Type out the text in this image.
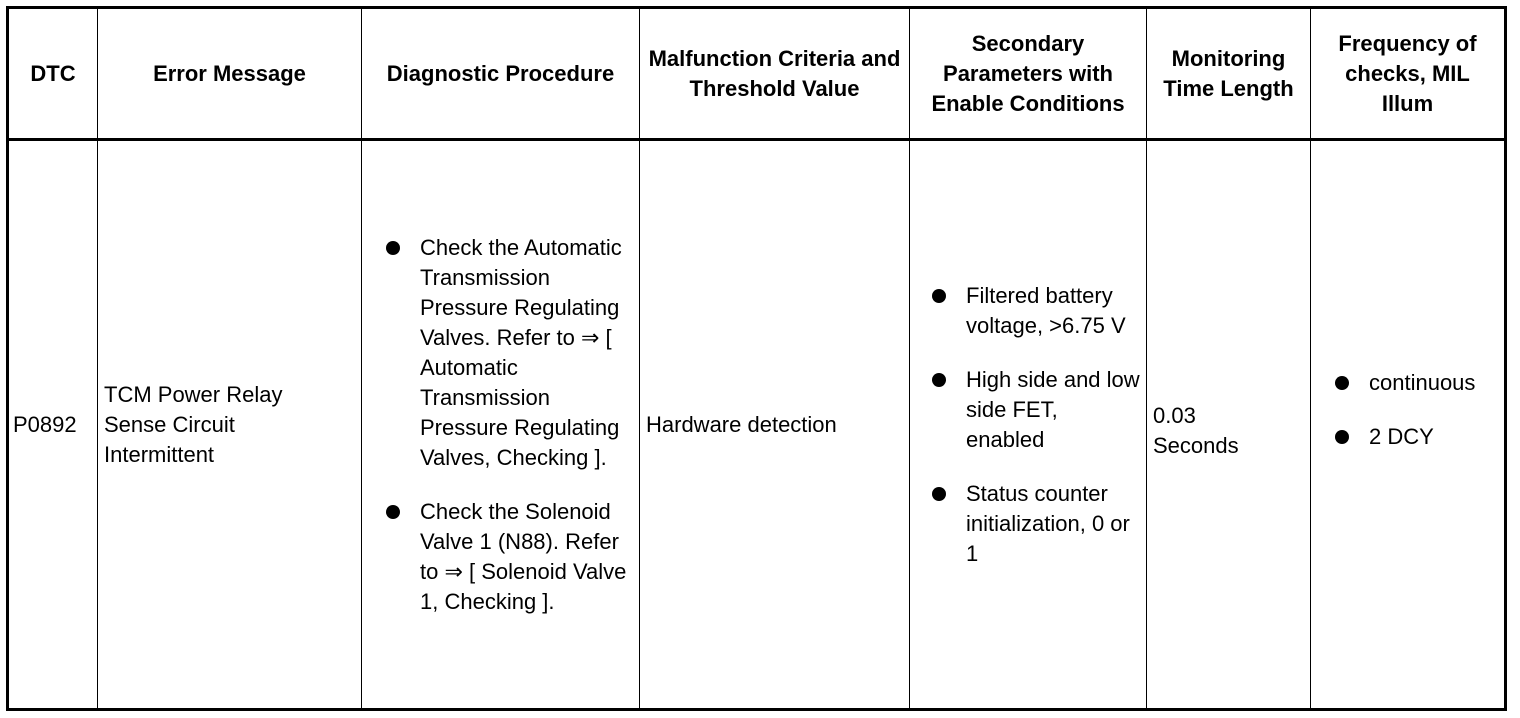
DTC	Error Message	Diagnostic Procedure
Malfunction Criteria and Threshold Value
Secondary Parameters with Enable Conditions
Monitoring Time Length
Frequency of checks, MIL Illum
P0892
TCM Power Relay Sense Circuit Intermittent
Check the Automatic Transmission Pressure Regulating Valves. Refer to ⇒ [ Automatic Transmission Pressure Regulating Valves, Checking ].
Check the Solenoid Valve 1 (N88). Refer to ⇒ [ Solenoid Valve 1, Checking ].
Hardware detection
Filtered battery voltage, >6.75 V
High side and low side FET, enabled
Status counter initialization, 0 or 1
0.03 Seconds
continuous
2 DCY
